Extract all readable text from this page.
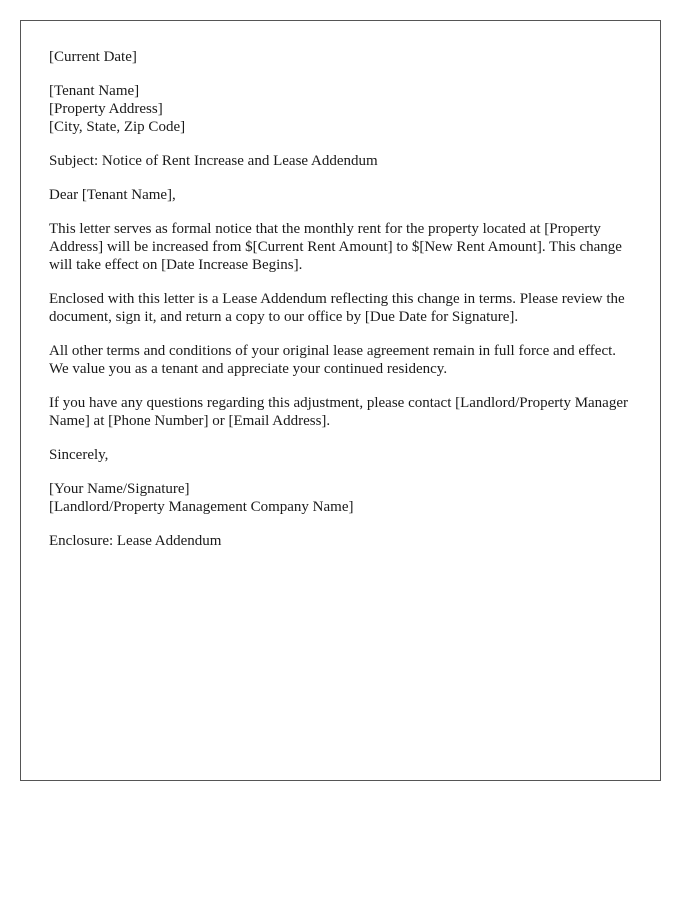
[Current Date]

[Tenant Name]
[Property Address]
[City, State, Zip Code]

Subject: Notice of Rent Increase and Lease Addendum

Dear [Tenant Name],

This letter serves as formal notice that the monthly rent for the property located at [Property Address] will be increased from $[Current Rent Amount] to $[New Rent Amount]. This change will take effect on [Date Increase Begins].

Enclosed with this letter is a Lease Addendum reflecting this change in terms. Please review the document, sign it, and return a copy to our office by [Due Date for Signature].

All other terms and conditions of your original lease agreement remain in full force and effect. We value you as a tenant and appreciate your continued residency.

If you have any questions regarding this adjustment, please contact [Landlord/Property Manager Name] at [Phone Number] or [Email Address].

Sincerely,

[Your Name/Signature]
[Landlord/Property Management Company Name]

Enclosure: Lease Addendum
